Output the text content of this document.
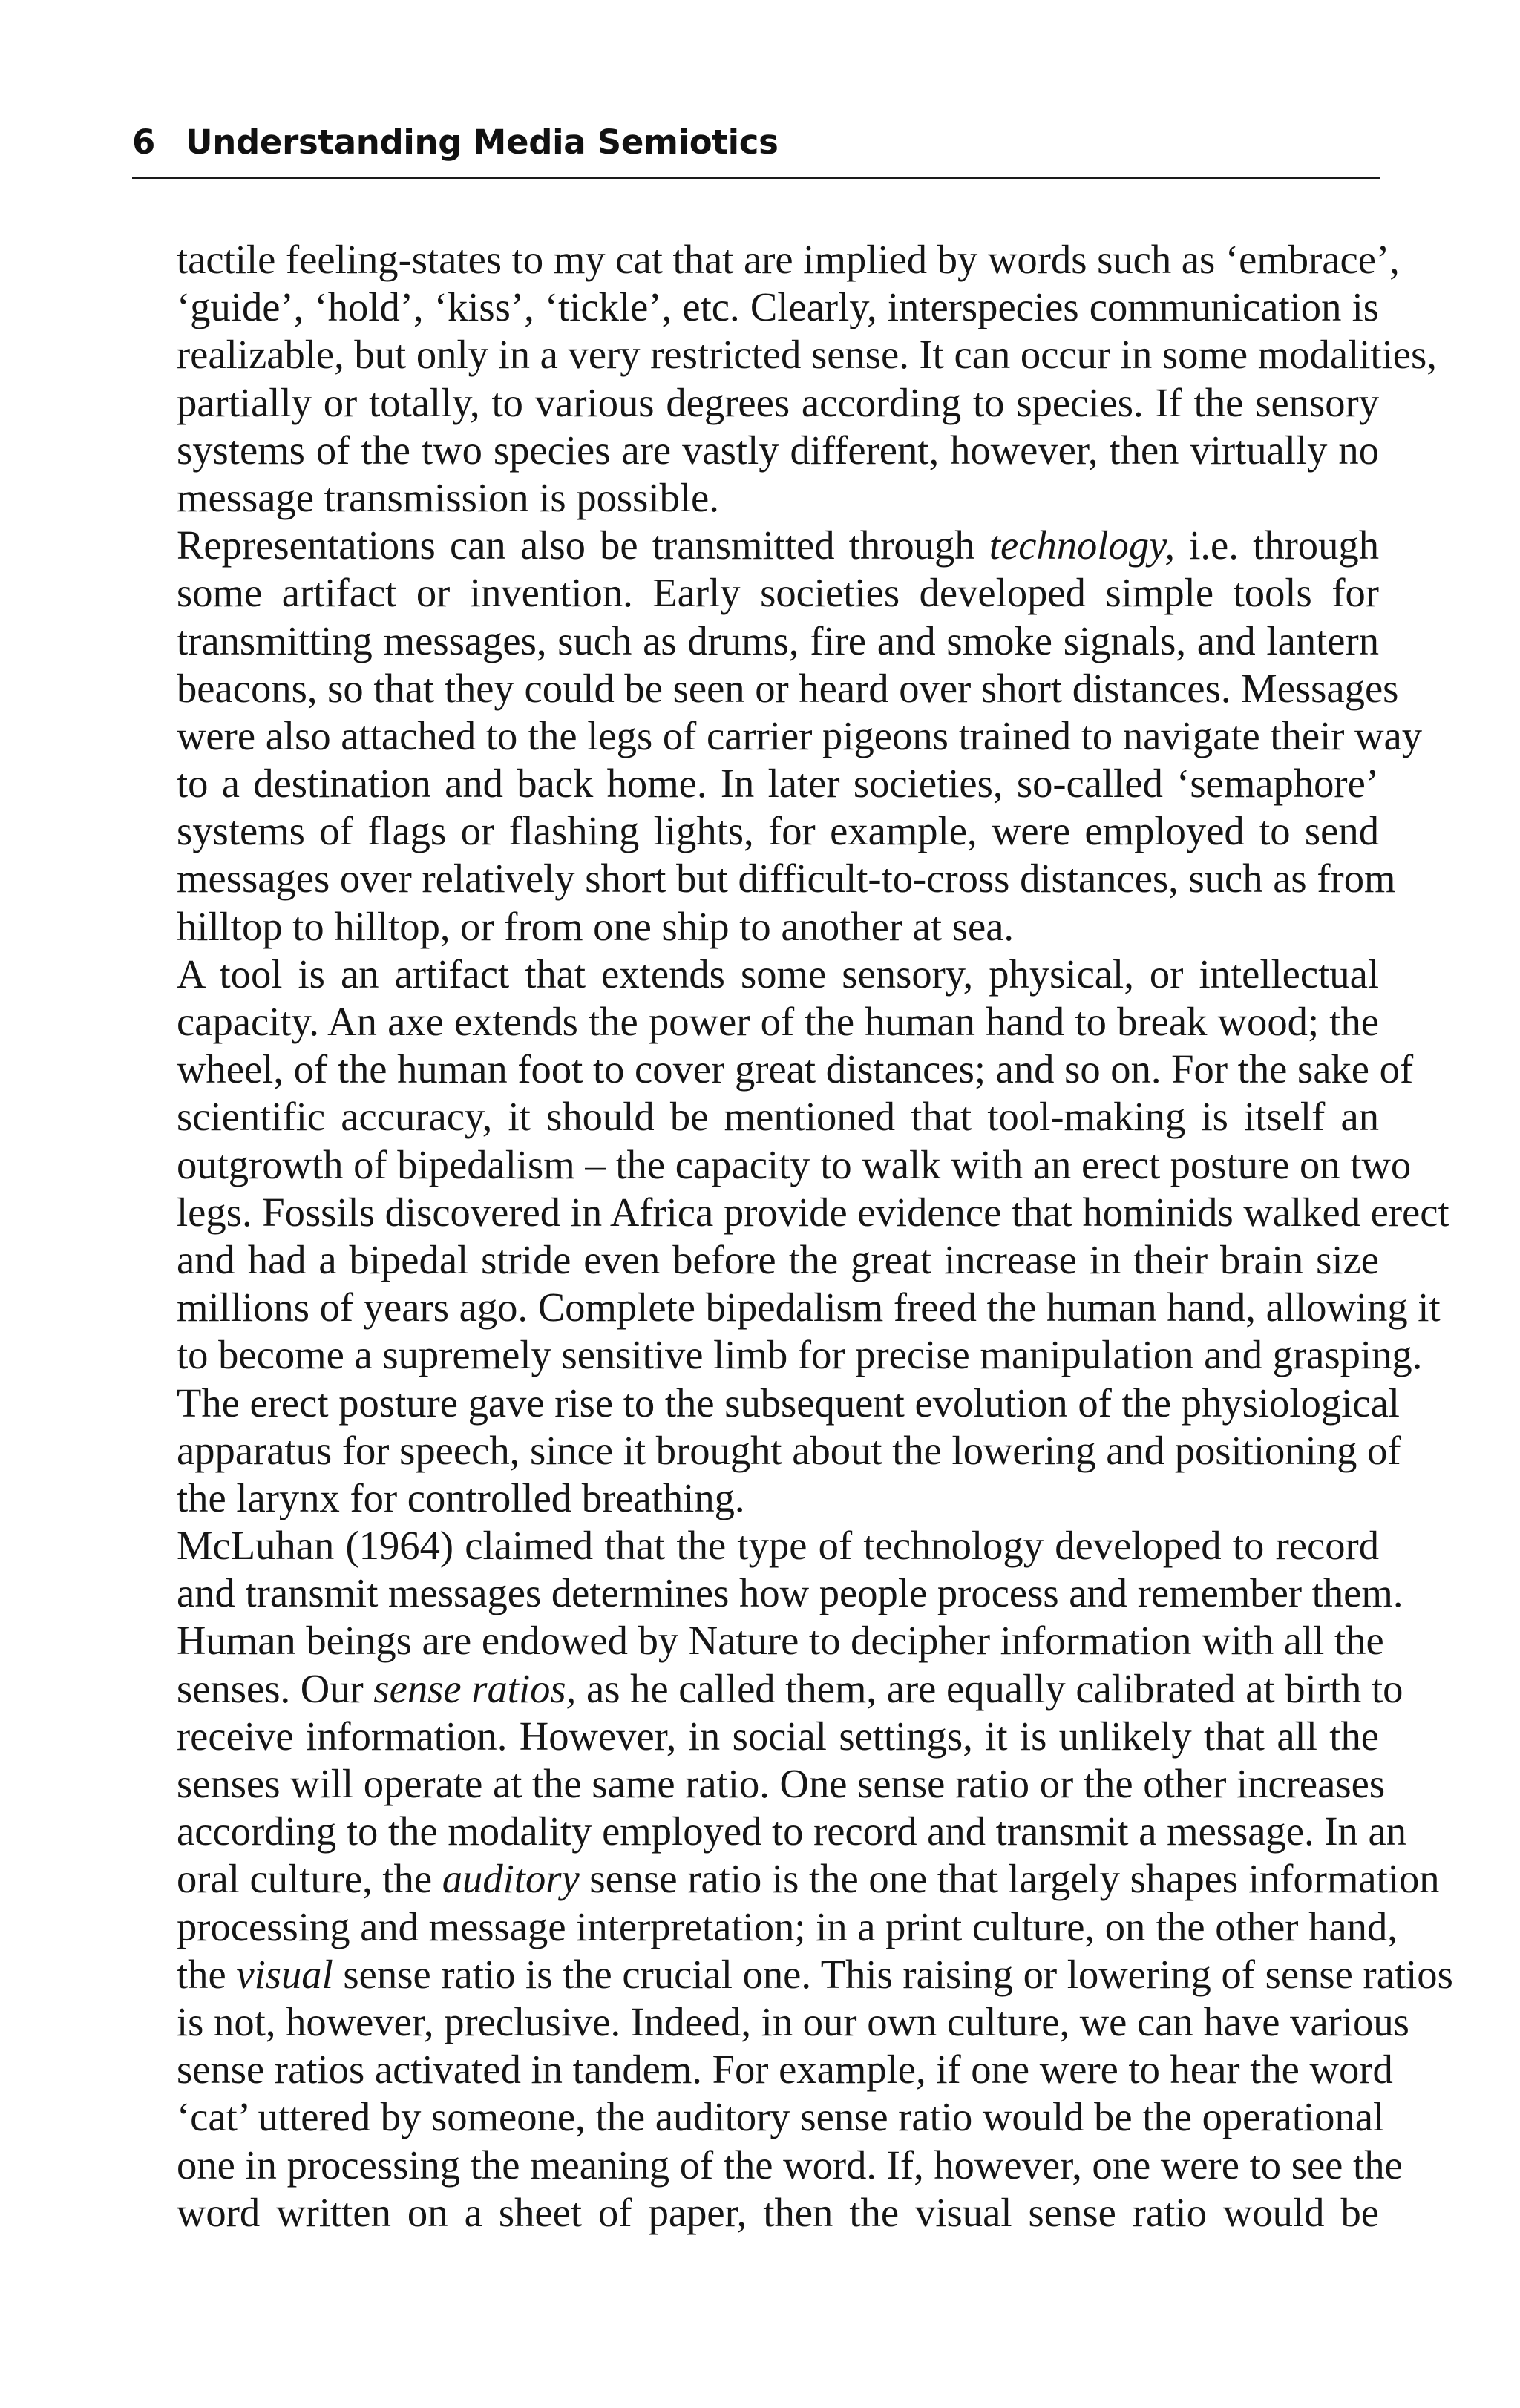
6 Understanding Media Semiotics
tactile feeling-states to my cat that are implied by words such as ‘embrace’,
‘guide’, ‘hold’, ‘kiss’, ‘tickle’, etc. Clearly, interspecies communication is
realizable, but only in a very restricted sense. It can occur in some modalities,
partially or totally, to various degrees according to species. If the sensory
systems of the two species are vastly different, however, then virtually no
message transmission is possible.
Representations can also be transmitted through technology, i.e. through
some artifact or invention. Early societies developed simple tools for
transmitting messages, such as drums, fire and smoke signals, and lantern
beacons, so that they could be seen or heard over short distances. Messages
were also attached to the legs of carrier pigeons trained to navigate their way
to a destination and back home. In later societies, so-called ‘semaphore’
systems of flags or flashing lights, for example, were employed to send
messages over relatively short but difficult-to-cross distances, such as from
hilltop to hilltop, or from one ship to another at sea.
A tool is an artifact that extends some sensory, physical, or intellectual
capacity. An axe extends the power of the human hand to break wood; the
wheel, of the human foot to cover great distances; and so on. For the sake of
scientific accuracy, it should be mentioned that tool-making is itself an
outgrowth of bipedalism – the capacity to walk with an erect posture on two
legs. Fossils discovered in Africa provide evidence that hominids walked erect
and had a bipedal stride even before the great increase in their brain size
millions of years ago. Complete bipedalism freed the human hand, allowing it
to become a supremely sensitive limb for precise manipulation and grasping.
The erect posture gave rise to the subsequent evolution of the physiological
apparatus for speech, since it brought about the lowering and positioning of
the larynx for controlled breathing.
McLuhan (1964) claimed that the type of technology developed to record
and transmit messages determines how people process and remember them.
Human beings are endowed by Nature to decipher information with all the
senses. Our sense ratios, as he called them, are equally calibrated at birth to
receive information. However, in social settings, it is unlikely that all the
senses will operate at the same ratio. One sense ratio or the other increases
according to the modality employed to record and transmit a message. In an
oral culture, the auditory sense ratio is the one that largely shapes information
processing and message interpretation; in a print culture, on the other hand,
the visual sense ratio is the crucial one. This raising or lowering of sense ratios
is not, however, preclusive. Indeed, in our own culture, we can have various
sense ratios activated in tandem. For example, if one were to hear the word
‘cat’ uttered by someone, the auditory sense ratio would be the operational
one in processing the meaning of the word. If, however, one were to see the
word written on a sheet of paper, then the visual sense ratio would be
